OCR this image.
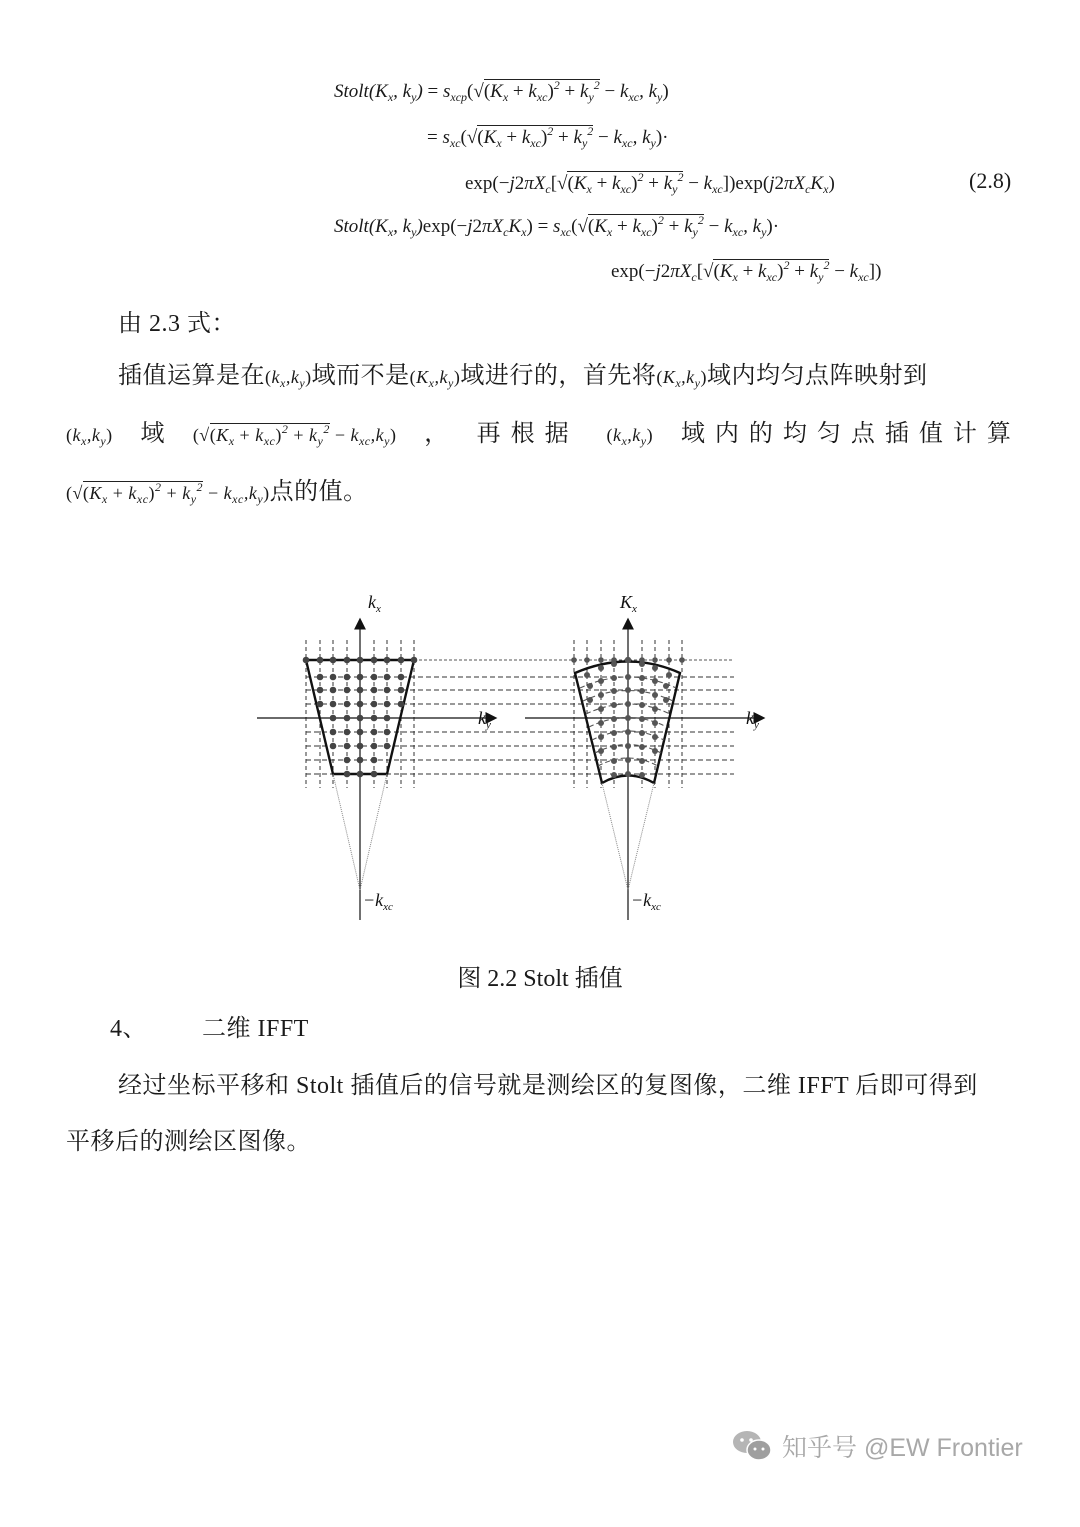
$Stolt(K_x$, $k_y) = s_{xcp}(√(K_x + k_{xc})^2 + k_y^2 - k_{xc}$, $k_y$)
= $s_{xc}(√(K_x + k_{xc})^2 + k_y^2 - k_{xc}$, $k_y)\cdot$
$\exp(-j2\pi X_c[√(K_x + k_{xc})^2 + k_y^2 - k_{xc}])\exp(j2\pi X_cK_x)$	(2.8)
$Stolt(K_x$, $k_y)\exp(-j2\pi X_cK_x) = s_{xc}(√(K_x + k_{xc})^2 + k_y^2 - k_{xc}$, $k_y)\cdot$
$\exp(-j2\pi X_c[√(K_x + k_{xc})^2 + k_y^2 - k_{xc}])$
由 2.3 式：
插值运算是在$(k_x,k_y)$域而不是$(K_x,k_y)$域进行的，首先将$(K_x,k_y)$域内均匀点阵映射到
$(k_x,k_y)$ 域 $(√(K_x + k_{xc})^2 + k_y^2 - k_{xc},k_y)$ ， 再根据 $(k_x,k_y)$ 域内的均匀点插值计算
$(√(K_x + k_{xc})^2 + k_y^2 - k_{xc},k_y)$点的值。
$k_x$
$k_y$
$-k_{xc}$
$K_x$
$k_y$
$-k_{xc}$
图 2.2 Stolt 插值
4、 二维 IFFT
经过坐标平移和 Stolt 插值后的信号就是测绘区的复图像，二维 IFFT 后即可得到
平移后的测绘区图像。
知乎号 @EW Frontier
